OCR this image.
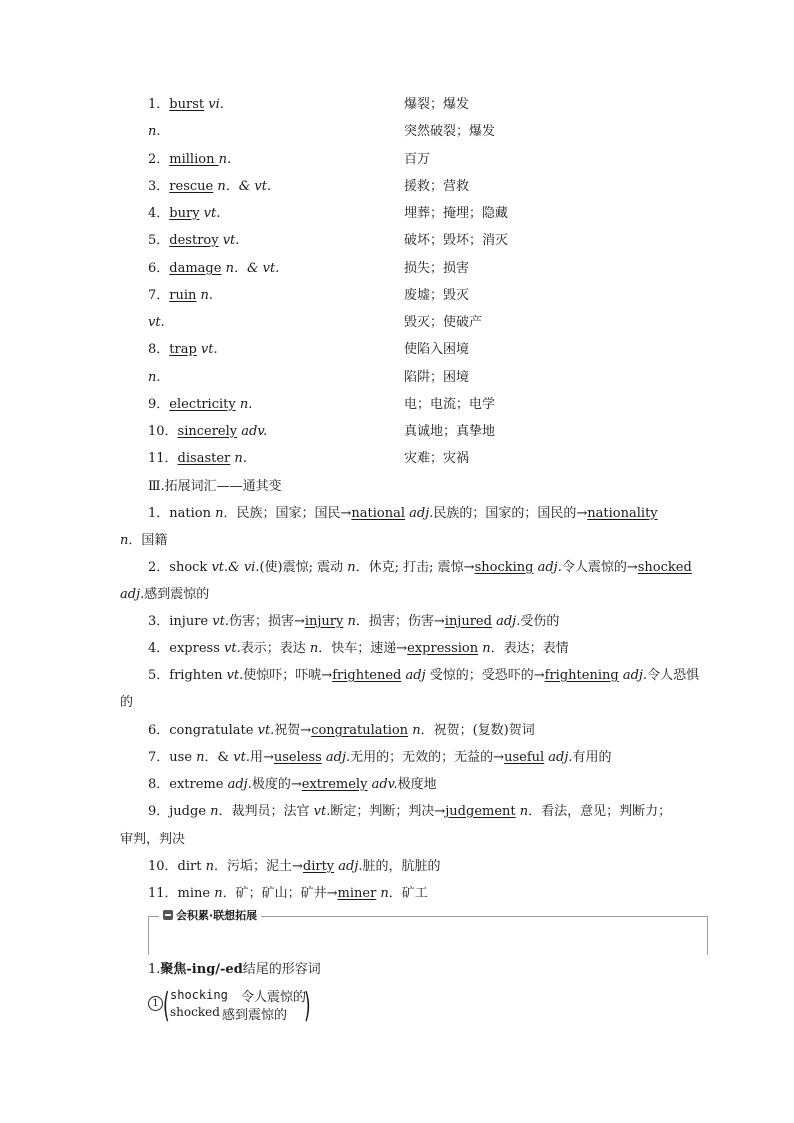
1．burst vi.	爆裂；爆发
n.	突然破裂；爆发
2．million n.	百万
3．rescue n．& vt.	援救；营救
4．bury vt.	埋葬；掩埋；隐藏
5．destroy vt.	破坏；毁坏；消灭
6．damage n．& vt.	损失；损害
7．ruin n.	废墟；毁灭
vt.	毁灭；使破产
8．trap vt.	使陷入困境
n.	陷阱；困境
9．electricity n.	电；电流；电学
10．sincerely adv.	真诚地；真挚地
11．disaster n.	灾难；灾祸
Ⅲ.拓展词汇——通其变
1．nation n．民族；国家；国民→national adj.民族的；国家的；国民的→nationality
n．国籍
2．shock vt.& vi.(使)震惊; 震动 n．休克; 打击; 震惊→shocking adj.令人震惊的→shocked
adj.感到震惊的
3．injure vt.伤害；损害→injury n．损害；伤害→injured adj.受伤的
4．express vt.表示；表达 n．快车；速递→expression n．表达；表情
5．frighten vt.使惊吓；吓唬→frightened adj 受惊的；受恐吓的→frightening adj.令人恐惧
的
6．congratulate vt.祝贺→congratulation n．祝贺；(复数)贺词
7．use n．& vt.用→useless adj.无用的；无效的；无益的→useful adj.有用的
8．extreme adj.极度的→extremely adv.极度地
9．judge n．裁判员；法官 vt.断定；判断；判决→judgement n．看法，意见；判断力；
审判，判决
10．dirt n．污垢；泥土→dirty adj.脏的，肮脏的
11．mine n．矿；矿山；矿井→miner n．矿工
会积累·联想拓展
1.聚焦-ing/-ed结尾的形容词
1 ( shocking 令人震惊的
shocked 感到震惊的 )
